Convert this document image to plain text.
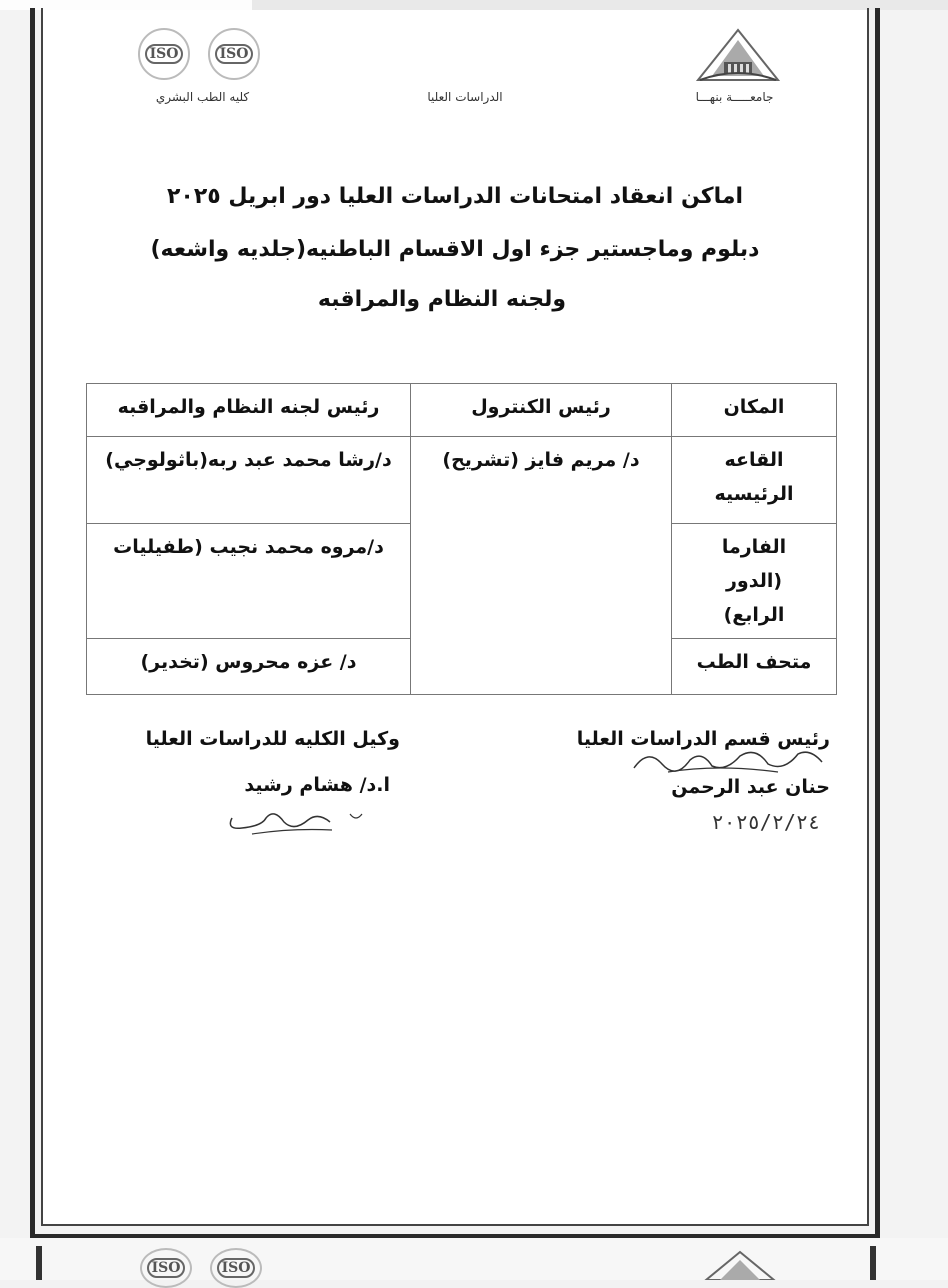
ISO	ISO
كليه الطب البشري	الدراسات العليا	جامعـــــة بنهـــا
اماكن انعقاد امتحانات الدراسات العليا دور ابريل ٢٠٢٥
دبلوم وماجستير جزء اول الاقسام الباطنيه(جلديه واشعه)
ولجنه النظام والمراقبه
المكان	رئيس الكنترول	رئيس لجنه النظام والمراقبه
القاعه الرئيسيه	د/ مريم فايز (تشريح)	د/رشا محمد عبد ربه(باثولوجي)
الفارما (الدور الرابع)		د/مروه محمد نجيب (طفيليات
متحف الطب		د/ عزه محروس (تخدير)
رئيس قسم الدراسات العليا
حنان عبد الرحمن
٢٠٢٥/٢/٢٤
وكيل الكليه للدراسات العليا
ا.د/ هشام رشيد
ISO	ISO
